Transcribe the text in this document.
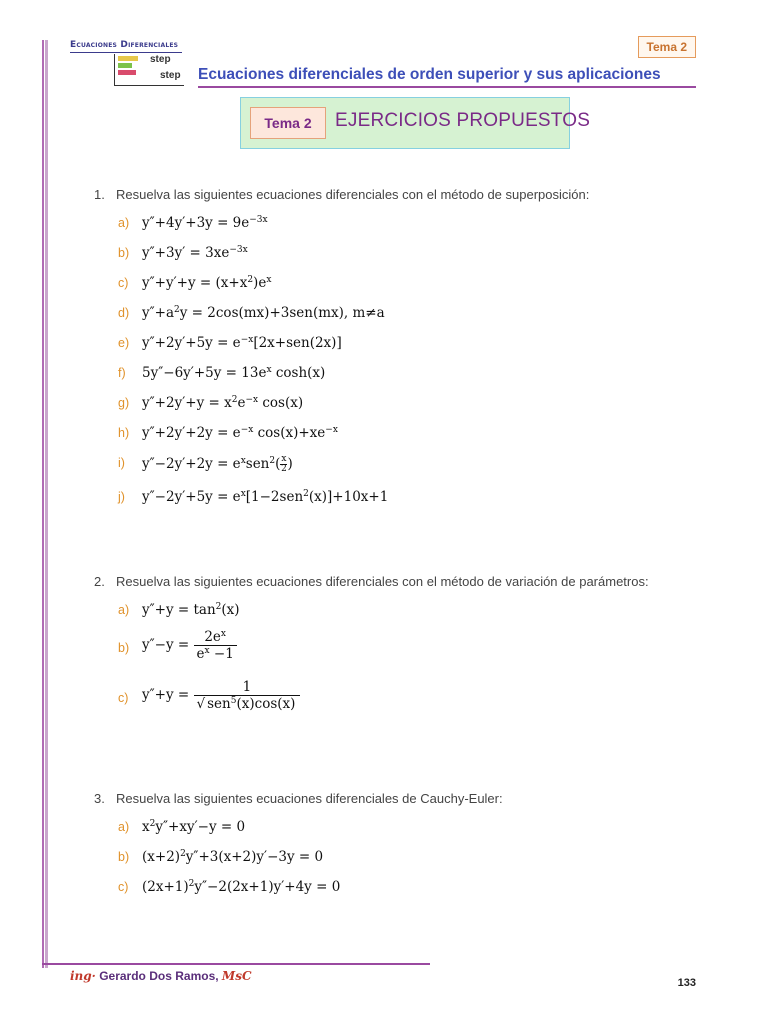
Ecuaciones Diferenciales
step
step
Tema 2
Ecuaciones diferenciales de orden superior y sus aplicaciones
Tema 2	EJERCICIOS PROPUESTOS
1. Resuelva las siguientes ecuaciones diferenciales con el método de superposición:
a) $y''+4y'+3y = 9e^{-3x}$
b) $y''+3y' = 3xe^{-3x}$
c) $y''+y'+y = (x+x^2)e^x$
d) $y''+a^2y = 2\cos(mx)+3sen(mx)$, m≠a
e) $y''+2y'+5y = e^{-x}[2x+sen(2x)]$
f) $5y''-6y'+5y = 13e^x$ cosh(x)
g) $y''+2y'+y = x^2e^{-x}$ cos(x)
h) $y''+2y'+2y = e^{-x}$ $\cos(x)+xe^{-x}$
i) $y''-2y'+2y = e^xsen^2( \frac{x}{2})$
j) $y''-2y'+5y = e^x[1-2sen^2(x)]+10x+1$
2. Resuelva las siguientes ecuaciones diferenciales con el método de variación de parámetros:
a) $y''+y = \tan^2(x)$
b) $y''-y = \frac{2e^x}{e^x -1}$
c) $y''+y = \frac{1}{√ sen^5(x)\cos(x)}$
3. Resuelva las siguientes ecuaciones diferenciales de Cauchy-Euler:
a) $x^2y''+xy'-y = 0$
b) $(x+2)^2y''+3(x+2)y'-3y = 0$
c) $(2x+1)^2y''-2(2x+1)y'+4y = 0$
ing· Gerardo Dos Ramos, MsC	133
